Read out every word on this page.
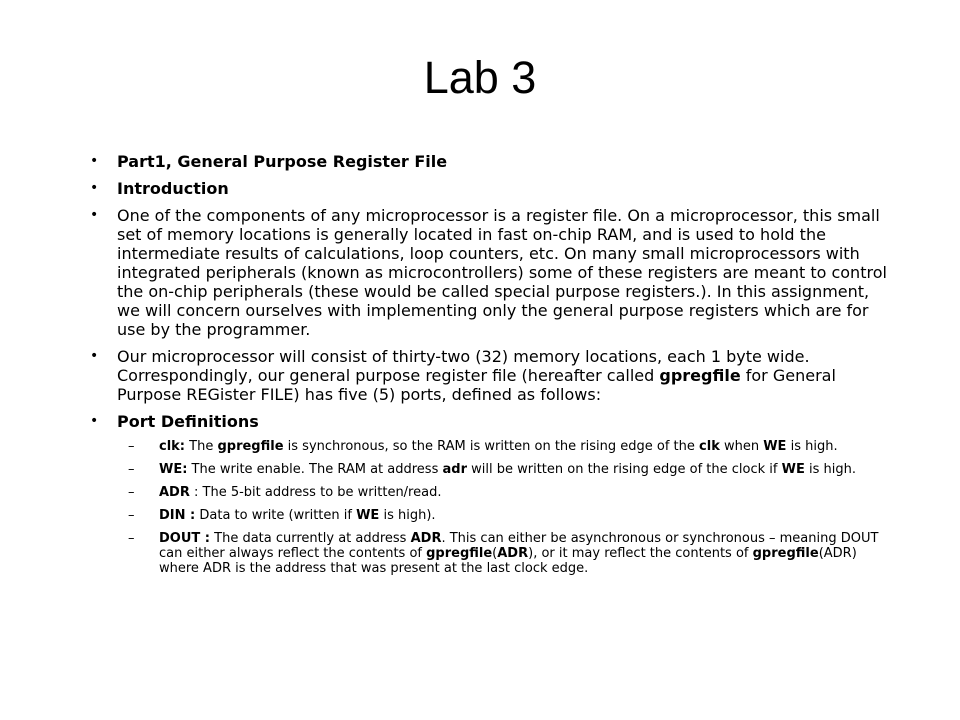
Lab 3
• Part1, General Purpose Register File
• Introduction
• One of the components of any microprocessor is a register file. On a microprocessor, this small set of memory locations is generally located in fast on-chip RAM, and is used to hold the intermediate results of calculations, loop counters, etc. On many small microprocessors with integrated peripherals (known as microcontrollers) some of these registers are meant to control the on-chip peripherals (these would be called special purpose registers.). In this assignment, we will concern ourselves with implementing only the general purpose registers which are for use by the programmer.
• Our microprocessor will consist of thirty-two (32) memory locations, each 1 byte wide. Correspondingly, our general purpose register file (hereafter called gpregfile for General Purpose REGister FILE) has five (5) ports, defined as follows:
• Port Definitions
– clk: The gpregfile is synchronous, so the RAM is written on the rising edge of the clk when WE is high.
– WE: The write enable. The RAM at address adr will be written on the rising edge of the clock if WE is high.
– ADR : The 5-bit address to be written/read.
– DIN : Data to write (written if WE is high).
– DOUT : The data currently at address ADR. This can either be asynchronous or synchronous – meaning DOUT can either always reflect the contents of gpregfile(ADR), or it may reflect the contents of gpregfile(ADR) where ADR is the address that was present at the last clock edge.
